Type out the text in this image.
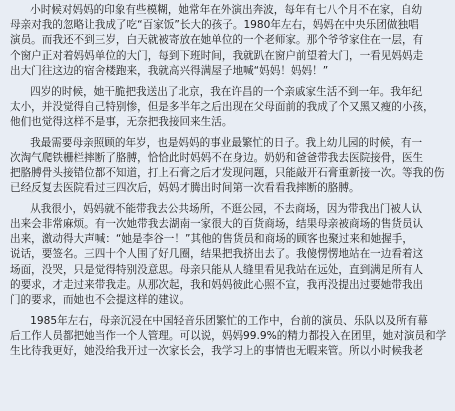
小时候对妈妈的印象有些模糊，她常年在外演出奔波，每年有七八个月不在家，自幼
母亲对我的忽略让我成了吃“百家饭”长大的孩子。1980年左右，妈妈在中央乐团做独唱
演员。而我还不到三岁，白天就被寄放在她单位的一个老师家。那个爷爷家住在一层，有
个窗户正对着妈妈单位的大门，每到下班时间，我就趴在窗户前望着大门，一看见妈妈走
出大门往这边的宿舍楼跑来，我就高兴得满屋子地喊“妈妈！妈妈！”
四岁的时候，她干脆把我送出了北京，我在许昌的一个亲戚家生活不到一年。我年纪
太小，并没觉得自己特别惨，但是多半年之后出现在父母面前的我成了个又黑又瘦的小孩，
他们也觉得这样不是事，无奈把我接回来生活。
我最需要母亲照顾的年岁，也是妈妈的事业最繁忙的日子。我上幼儿园的时候，有一
次淘气爬铁栅栏摔断了胳膊，恰恰此时妈妈不在身边。奶奶和爸爸带我去医院接骨，医生
把胳膊骨头接错位都不知道，打上石膏之后才发现问题，只能敲开石膏重新接一次。等我的伤
已经反复去医院看过三四次后，妈妈才腾出时间第一次看看我摔断的胳膊。
从我很小，妈妈就不能带我去公共场所，不逛公园，不去商场，因为带我出门被人认
出来会非常麻烦。有一次她带我去湖南一家很大的百货商场，结果母亲被商场的售货员认
出来，激动得大声喊：“她是李谷一！”其他的售货员和商场的顾客也聚过来和她握手，
说话，要签名。三四十个人围了好几圈，结果把我挤出去了。我傻愣愣地站在一边看着这
场面，没哭，只是觉得特别没意思。母亲只能从人缝里看见我站在远处，直到满足所有人
的要求，才走过来带我走。从那次起，我和妈妈彼此心照不宣，我再没提出过要她带我出
门的要求，而她也不会提这样的建议。
1985年左右，母亲沉浸在中国轻音乐团繁忙的工作中，台前的演员、乐队以及所有幕
后工作人员都把她当作一个人管理。可以说，妈妈99.9%的精力都投入在团里，她对演员和学
生比待我更好，她没给我开过一次家长会，我学习上的事情也无暇来管。所以小时候我老
